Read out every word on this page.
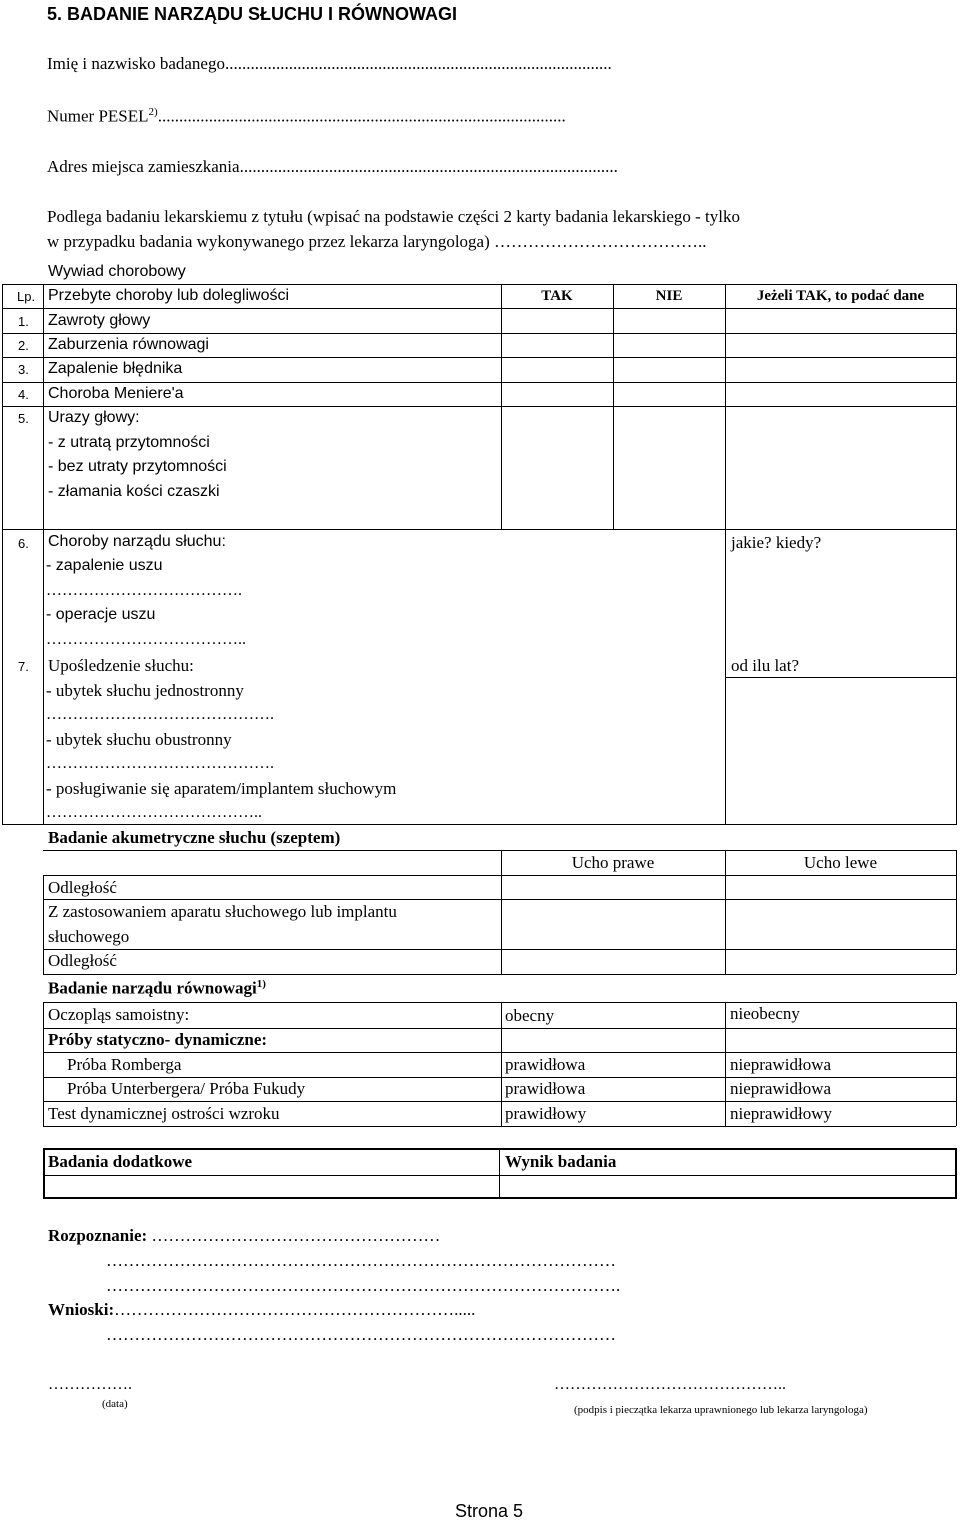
5. BADANIE NARZĄDU SŁUCHU I RÓWNOWAGI
Imię i nazwisko badanego...........................................................................................
Numer PESEL$^{2)}$................................................................................................
Adres miejsca zamieszkania.........................................................................................
Podlega badaniu lekarskiemu z tytułu (wpisać na podstawie części 2 karty badania lekarskiego - tylko
w przypadku badania wykonywanego przez lekarza laryngologa) ………………………………..
Wywiad chorobowy
Lp. Przebyte choroby lub dolegliwości	TAK	NIE	Jeżeli TAK, to podać dane
1. Zawroty głowy
2. Zaburzenia równowagi
3. Zapalenie błędnika
4. Choroba Meniere'a
5. Urazy głowy:
- z utratą przytomności
- bez utraty przytomności
- złamania kości czaszki
6. Choroby narządu słuchu:	jakie? kiedy?
- zapalenie uszu
……………………………….
- operacje uszu
………………………………..
7. Upośledzenie słuchu:	od ilu lat?
- ubytek słuchu jednostronny
…………………………………….
- ubytek słuchu obustronny
…………………………………….
- posługiwanie się aparatem/implantem słuchowym
…………………………………..
Badanie akumetryczne słuchu (szeptem)
Ucho prawe	Ucho lewe
Odległość
Z zastosowaniem aparatu słuchowego lub implantu
słuchowego
Odległość
Badanie narządu równowagi$^{1)}$
Oczopląs samoistny:	obecny	nieobecny
Próby statyczno- dynamiczne:
Próba Romberga	prawidłowa	nieprawidłowa
Próba Unterbergera/ Próba Fukudy	prawidłowa	nieprawidłowa
Test dynamicznej ostrości wzroku	prawidłowy	nieprawidłowy
Badania dodatkowe	Wynik badania
Rozpoznanie: ……………………………………………
………………………………………………………………………………
……………………………………………………………………………….
Wnioski:…………………………………………………….....
………………………………………………………………………………
…………….
(data)
……………………………………..
(podpis i pieczątka lekarza uprawnionego lub lekarza laryngologa)
Strona 5
